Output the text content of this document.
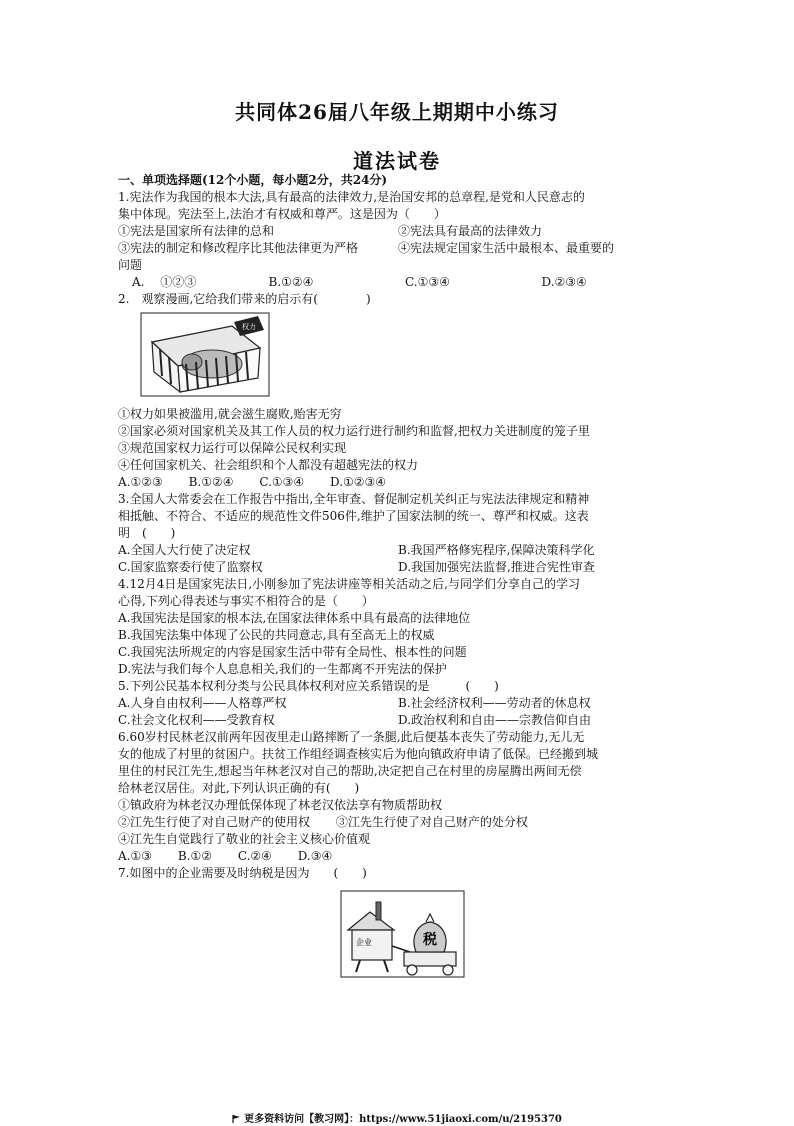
共同体26届八年级上期期中小练习
道法试卷
一、单项选择题(12个小题，每小题2分，共24分)
1.宪法作为我国的根本大法,具有最高的法律效力,是治国安邦的总章程,是党和人民意志的
集中体现。宪法至上,法治才有权威和尊严。这是因为（　　）
①宪法是国家所有法律的总和	②宪法具有最高的法律效力
③宪法的制定和修改程序比其他法律更为严格	④宪法规定国家生活中最根本、最重要的
问题
A.　 ①②③	B.①②④	C.①③④	D.②③④
2.　观察漫画,它给我们带来的启示有(　　　　)
权力
①权力如果被滥用,就会滋生腐败,贻害无穷
②国家必须对国家机关及其工作人员的权力运行进行制约和监督,把权力关进制度的笼子里
③规范国家权力运行可以保障公民权利实现
④任何国家机关、社会组织和个人都没有超越宪法的权力
A.①②③ B.①②④ C.①③④ D.①②③④
3.全国人大常委会在工作报告中指出,全年审查、督促制定机关纠正与宪法法律规定和精神
相抵触、不符合、不适应的规范性文件506件,维护了国家法制的统一、尊严和权威。这表
明　(　　)
A.全国人大行使了决定权	B.我国严格修宪程序,保障决策科学化
C.国家监察委行使了监察权	D.我国加强宪法监督,推进合宪性审查
4.12月4日是国家宪法日,小刚参加了宪法讲座等相关活动之后,与同学们分享自己的学习
心得,下列心得表述与事实不相符合的是（　　）
A.我国宪法是国家的根本法,在国家法律体系中具有最高的法律地位
B.我国宪法集中体现了公民的共同意志,具有至高无上的权威
C.我国宪法所规定的内容是国家生活中带有全局性、根本性的问题
D.宪法与我们每个人息息相关,我们的一生都离不开宪法的保护
5.下列公民基本权利分类与公民具体权利对应关系错误的是　　　(　　)
A.人身自由权利——人格尊严权	B.社会经济权利——劳动者的休息权
C.社会文化权利——受教育权	D.政治权利和自由——宗教信仰自由
6.60岁村民林老汉前两年因夜里走山路摔断了一条腿,此后便基本丧失了劳动能力,无儿无
女的他成了村里的贫困户。扶贫工作组经调查核实后为他向镇政府申请了低保。已经搬到城
里住的村民江先生,想起当年林老汉对自己的帮助,决定把自己在村里的房屋腾出两间无偿
给林老汉居住。对此,下列认识正确的有(　　)
①镇政府为林老汉办理低保体现了林老汉依法享有物质帮助权
②江先生行使了对自己财产的使用权 ③江先生行使了对自己财产的处分权
④江先生自觉践行了敬业的社会主义核心价值观
A.①③ B.①② C.②④ D.③④
7.如图中的企业需要及时纳税是因为　　(　　)
企业	税
更多资料访问【教习网】：https://www.51jiaoxi.com/u/2195370
